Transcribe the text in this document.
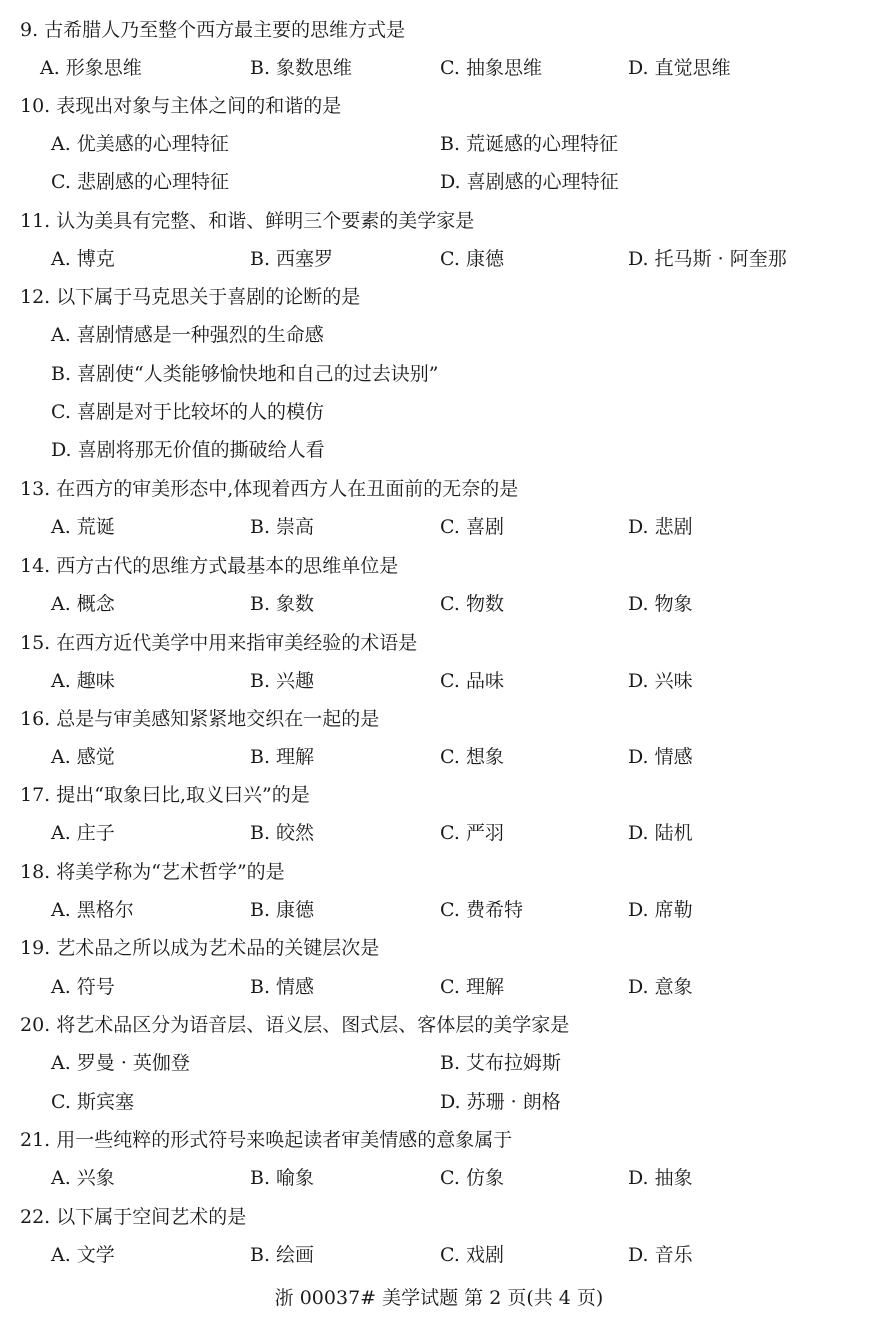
9. 古希腊人乃至整个西方最主要的思维方式是
A. 形象思维	B. 象数思维	C. 抽象思维	D. 直觉思维
10. 表现出对象与主体之间的和谐的是
A. 优美感的心理特征	B. 荒诞感的心理特征
C. 悲剧感的心理特征	D. 喜剧感的心理特征
11. 认为美具有完整、和谐、鲜明三个要素的美学家是
A. 博克	B. 西塞罗	C. 康德	D. 托马斯 · 阿奎那
12. 以下属于马克思关于喜剧的论断的是
A. 喜剧情感是一种强烈的生命感
B. 喜剧使“人类能够愉快地和自己的过去诀别”
C. 喜剧是对于比较坏的人的模仿
D. 喜剧将那无价值的撕破给人看
13. 在西方的审美形态中,体现着西方人在丑面前的无奈的是
A. 荒诞	B. 崇高	C. 喜剧	D. 悲剧
14. 西方古代的思维方式最基本的思维单位是
A. 概念	B. 象数	C. 物数	D. 物象
15. 在西方近代美学中用来指审美经验的术语是
A. 趣味	B. 兴趣	C. 品味	D. 兴味
16. 总是与审美感知紧紧地交织在一起的是
A. 感觉	B. 理解	C. 想象	D. 情感
17. 提出“取象曰比,取义曰兴”的是
A. 庄子	B. 皎然	C. 严羽	D. 陆机
18. 将美学称为“艺术哲学”的是
A. 黑格尔	B. 康德	C. 费希特	D. 席勒
19. 艺术品之所以成为艺术品的关键层次是
A. 符号	B. 情感	C. 理解	D. 意象
20. 将艺术品区分为语音层、语义层、图式层、客体层的美学家是
A. 罗曼 · 英伽登	B. 艾布拉姆斯
C. 斯宾塞	D. 苏珊 · 朗格
21. 用一些纯粹的形式符号来唤起读者审美情感的意象属于
A. 兴象	B. 喻象	C. 仿象	D. 抽象
22. 以下属于空间艺术的是
A. 文学	B. 绘画	C. 戏剧	D. 音乐
浙 00037# 美学试题 第 2 页(共 4 页)
